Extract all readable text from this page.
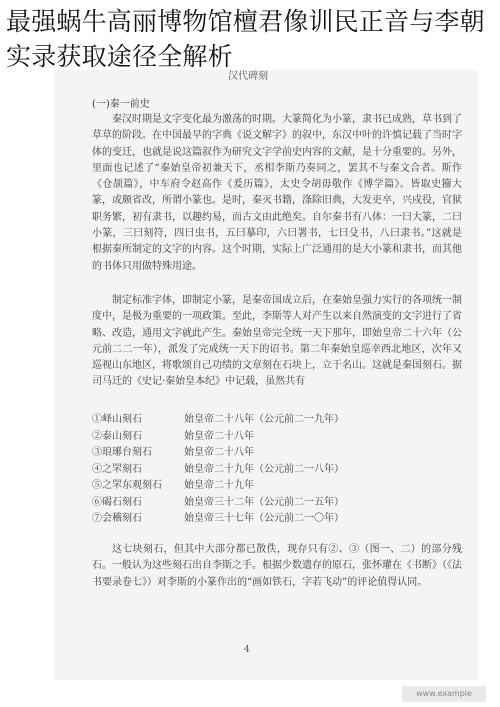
最强蜗牛高丽博物馆檀君像训民正音与李朝实录获取途径全解析
汉代碑刻
(一)秦一前史

秦汉时期是文字变化最为激荡的时期。大篆简化为小篆，隶书已成熟，草书到了草草的阶段。在中国最早的字典《说文解字》的叙中，东汉中叶的许慎记载了当时字体的变迁，也就是说这篇叙作为研究文字学前史内容的文献，是十分重要的。另外，里面也记述了“秦始皇帝初兼天下，丞相李斯乃奏同之，罢其不与秦文合者。斯作《仓颉篇》，中车府令赵高作《爰历篇》，太史令胡毋敬作《博学篇》。皆取史籀大篆，或颇省改，所谓小篆也。是时，秦灭书籍，涤除旧典，大发吏卒，兴戍役，官狱职务繁，初有隶书，以趣约易，而古文由此绝矣。自尔秦书有八体：一曰大篆，二曰小篆，三曰刻符，四曰虫书，五曰摹印，六曰署书，七曰殳书，八曰隶书。”这就是根据秦所制定的文字的内容。这个时期，实际上广泛通用的是大小篆和隶书，而其他的书体只用做特殊用途。

制定标准字体，即制定小篆，是秦帝国成立后，在秦始皇强力实行的各项统一制度中，是极为重要的一项政策。至此，李斯等人对产生以来自然演变的文字进行了省略、改造，通用文字就此产生。秦始皇帝完全统一天下那年，即始皇帝二十六年（公元前二二一年），派发了完成统一天下的诏书。第二年秦始皇巡幸西北地区，次年又巡视山东地区，将歌颂自己功绩的文章刻在石块上，立于名山。这就是秦国刻石。据司马迁的《史记·秦始皇本纪》中记载，虽然共有

①峄山刻石	始皇帝二十八年（公元前二一九年）
②泰山刻石	始皇帝二十八年
③琅琊台刻石	始皇帝二十八年
④之罘刻石	始皇帝二十九年（公元前二一八年）
⑤之罘东观刻石	始皇帝二十九年
⑥碣石刻石	始皇帝三十二年（公元前二一五年）
⑦会稽刻石	始皇帝三十七年（公元前二一〇年）

这七块刻石，但其中大部分都已散佚，现存只有②、③（图一、二）的部分残石。一般认为这些刻石出自李斯之手。根据少数遗存的原石，张怀瓘在《书断》（《法书要录卷七》）对李斯的小篆作出的“画如铁石，字若飞动”的评论值得认同。

4
www.example
